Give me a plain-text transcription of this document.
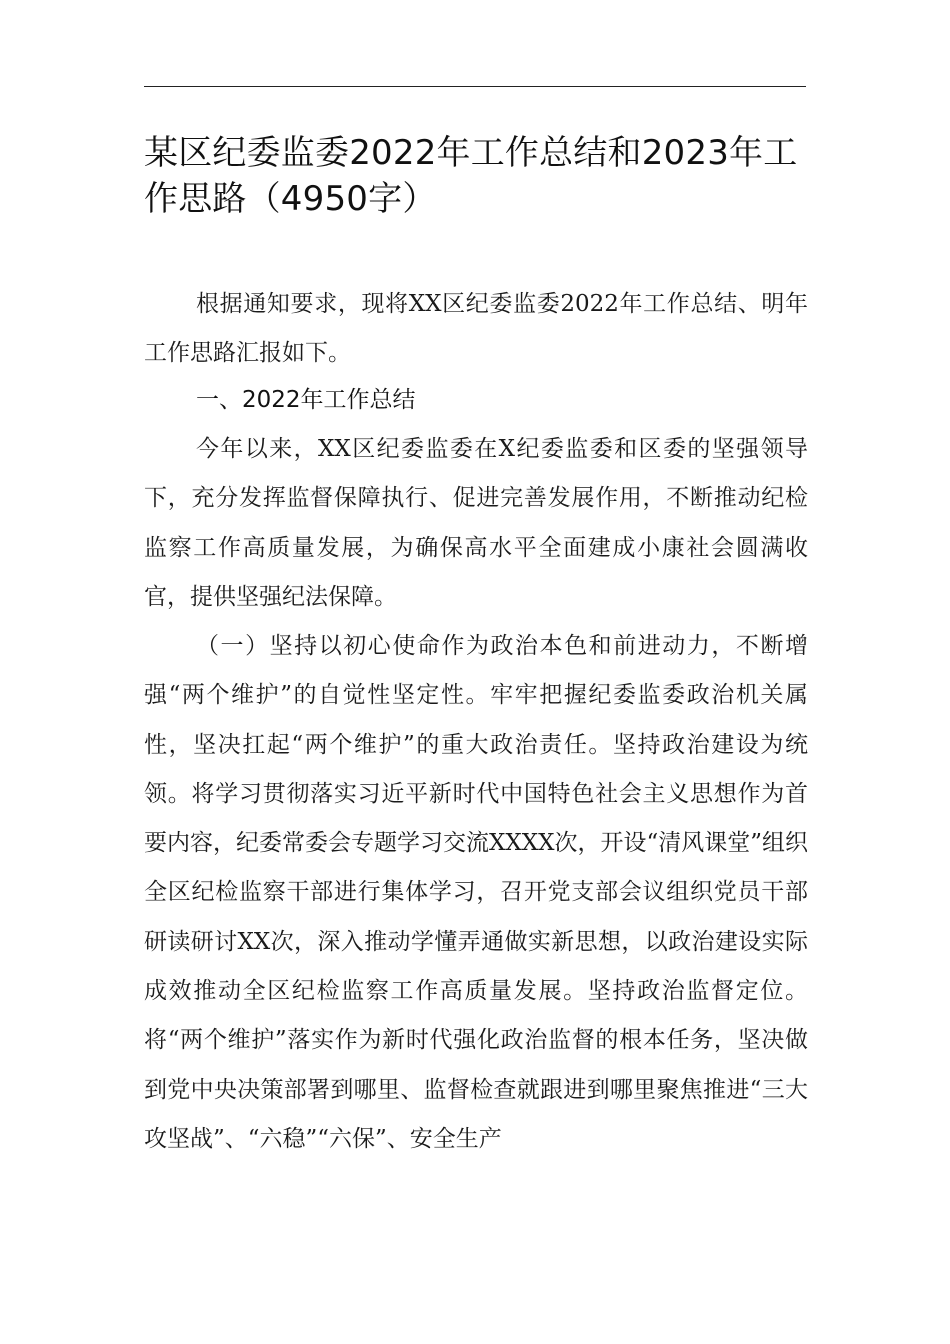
某区纪委监委2022年工作总结和2023年工作思路（4950字）

根据通知要求，现将XX区纪委监委2022年工作总结、明年工作思路汇报如下。

一、2022年工作总结

今年以来，XX区纪委监委在X纪委监委和区委的坚强领导下，充分发挥监督保障执行、促进完善发展作用，不断推动纪检监察工作高质量发展，为确保高水平全面建成小康社会圆满收官，提供坚强纪法保障。

（一）坚持以初心使命作为政治本色和前进动力，不断增强“两个维护”的自觉性坚定性。牢牢把握纪委监委政治机关属性，坚决扛起“两个维护”的重大政治责任。坚持政治建设为统领。将学习贯彻落实习近平新时代中国特色社会主义思想作为首要内容，纪委常委会专题学习交流XXXX次，开设“清风课堂”组织全区纪检监察干部进行集体学习，召开党支部会议组织党员干部研读研讨XX次，深入推动学懂弄通做实新思想，以政治建设实际成效推动全区纪检监察工作高质量发展。坚持政治监督定位。将“两个维护”落实作为新时代强化政治监督的根本任务，坚决做到党中央决策部署到哪里、监督检查就跟进到哪里聚焦推进“三大攻坚战”、“六稳”“六保”、安全生产
